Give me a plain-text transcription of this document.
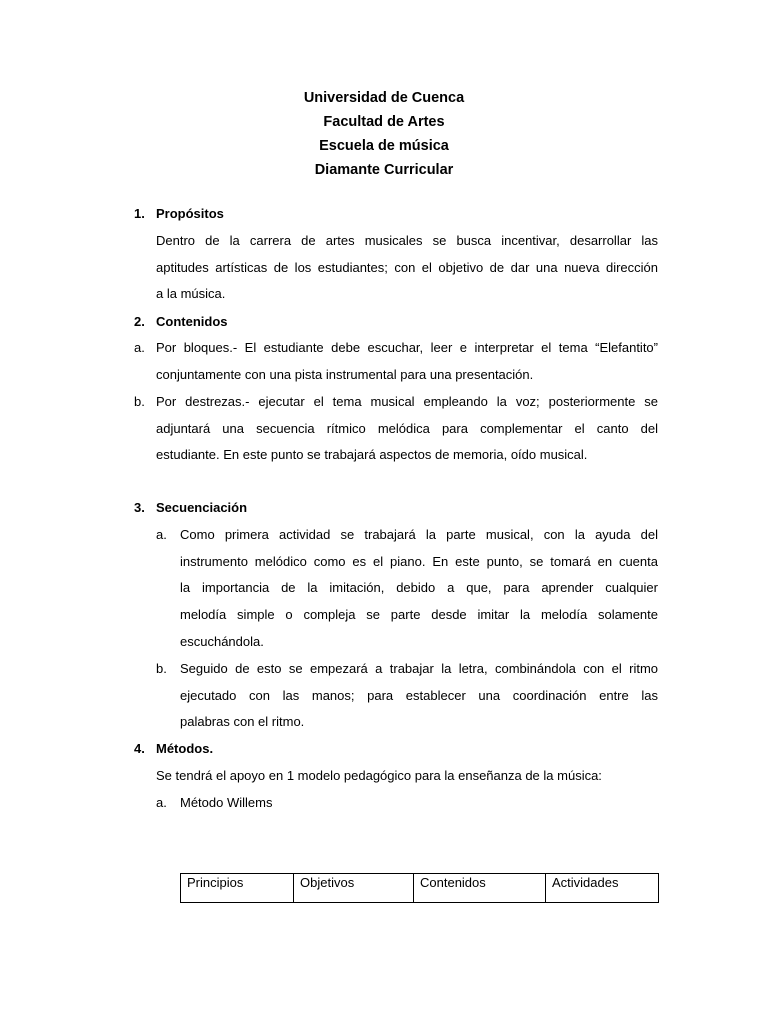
Universidad de Cuenca
Facultad de Artes
Escuela de música
Diamante Curricular
1. Propósitos
Dentro de la carrera de artes musicales se busca incentivar, desarrollar las
aptitudes artísticas de los estudiantes; con el objetivo de dar una nueva dirección
a la música.
2. Contenidos
a. Por bloques.- El estudiante debe escuchar, leer e interpretar el tema “Elefantito”
conjuntamente con una pista instrumental para una presentación.
b. Por destrezas.- ejecutar el tema musical empleando la voz; posteriormente se
adjuntará una secuencia rítmico melódica para complementar el canto del
estudiante. En este punto se trabajará aspectos de memoria, oído musical.
3. Secuenciación
a. Como primera actividad se trabajará la parte musical, con la ayuda del
instrumento melódico como es el piano. En este punto, se tomará en cuenta
la importancia de la imitación, debido a que, para aprender cualquier
melodía simple o compleja se parte desde imitar la melodía solamente
escuchándola.
b. Seguido de esto se empezará a trabajar la letra, combinándola con el ritmo
ejecutado con las manos; para establecer una coordinación entre las
palabras con el ritmo.
4. Métodos.
Se tendrá el apoyo en 1 modelo pedagógico para la enseñanza de la música:
a. Método Willems
Principios	Objetivos	Contenidos	Actividades
